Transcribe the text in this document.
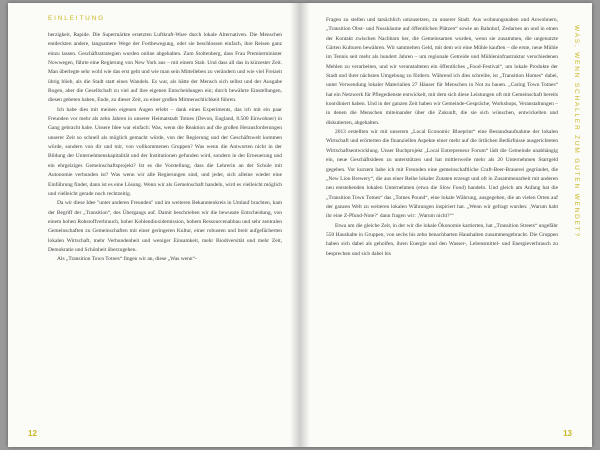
EINLEITUNG

herzigkeit, Rapide. Die Supermärkte ersetzten Luftkraft-Ware durch lokale Alternativen. Die Menschen entdeckten andere, langsamere Wege der Fortbewegung, oder sie beschlossen einfach, ihre Reisen ganz einzu lassen. Geschäftsstrategien wurden online abgehalten. Zum Stoltenberg, dass Frau Premierminister Nowwegen, führte eine Regierung von New York aus – mit einem Stab. Und dass all das in kürzester Zeit. Man überlegte sehr wohl wie das erst geht und wie man sein Mittelleben zu verändern und wie viel Freizeit übrig blieb, als die Stadt statt eines Wandels. Es war, als hätte der Mensch sich selbst und der Ausgabe Bogen, aber die Gesellschaft zu viel auf ihre eigenen Entscheidungen ein; durch bewährte Einstellungen, diesen gebeten haben, Ende, zu dieser Zeit, zu einer großen Mitmenschlichkeit führen.

Ich habe dies mit meinen eigenen Augen erlebt – dank eines Experiments, das ich mit ein paar Freunden vor mehr als zehn Jahren in unserer Heimatstadt Totnes (Devon, England, 8.500 Einwohner) in Gang gebracht habe. Unsere Idee war einfach: Was, wenn die Reaktion auf die großen Herausforderungen unserer Zeit so schnell als möglich gemacht würde, von der Regierung und der Geschäftswelt kommen würde, sondern von dir und mir, von vollkommenen Gruppen? Was wenn die Antworten nicht in der Bildung der Unternehmenskapitalität und der Institutionen gefunden wird, sondern in der Erneuerung und ein ehrgeiziges Gemeinschaftsprojekt? Ist es die Vorstellung, dass die Lehrerin an der Schule mit Autonomie verbunden ist? Was wenn wir alle Regierungen sind, und jeder, sich alleine wieder eine Einführung findet, dann ist es eine Lösung. Wenn wir als Gemeinschaft handeln, wird es vielleicht möglich und vielleicht gerade noch rechtzeitig.

Da wir diese Idee "unter anderen Freunden" und im weiteren Bekanntenkreis in Umlauf brachten, kam der Begriff der „Transition“, des Übergangs auf. Damit beschrieben wir die bewusste Entscheidung, von einem hohen Rohstoffverbrauch, hoher Kohlendioxidemission, hohem Ressourcenabbau und sehr zentralen Gemeinschaften zu Gemeinschaften mit einer geringeren Kultur, einer robusten und breit aufgefächerten lokalen Wirtschaft, mehr Verbundenheit und weniger Einsamkeit, mehr Biodiversität und mehr Zeit, Demokratie und Schönheit überzugehen.

Als „Transition Town Totnes“ fingen wir an, diese „Was wenn“-

12
WAS, WENN SCHALLER ZUM GUTEN WENDET?

Fragen zu stellen und tatsächlich umzusetzen, zu unserer Stadt. Aus wohnungsnahen und Anwohnern, „Transition Obst- und Nussbäume auf öffentlichen Plätzen“ sowie an Bahnhof, Zedarnes an und in einen der Kontakt zwischen Nachbarn her, die Gemeinsamen wurden, wenn sie zusammen, die ungenutzte Gärten Kulturen bewähren. Wir sammelten Geld, mit dem wir eine Mühle kauften – die erste, neue Mühle im Tennis seit mehr als hundert Jahren – um regionale Getreide und Mühleninfrastruktur verschiedenen Mehlen zu verarbeiten, und wir veranstalteten ein öffentliches „Food-Festival“, um lokale Produkte der Stadt und ihrer nächsten Umgebung zu fördern. Während ich dies schreibe, ist „Transition Homes“ dabei, unter Verwendung lokaler Materialien 27 Häuser für Menschen in Not zu bauen. „Caring Town Totnes“ hat ein Netzwerk für Pflegedienste entwickelt, mit dem sich diese Leistungen oft mit Gemeinschaft bereits koordiniert haben. Und in der ganzen Zeit haben wir Gemeinde-Gespräche, Workshops, Veranstaltungen – in denen die Menschen miteinander über die Zukunft, die sie sich wünschen, entwickelten und diskutierten, abgehalten.

2013 erstellten wir mit unserem „Local Economic Blueprint“ eine Bestandsaufnahme der lokalen Wirtschaft und erörterten die finanziellen Aspekte einer mehr auf die örtlichen Bedürfnisse ausgerichteten Wirtschaftsentwicklung. Unser Buchprojekt „Local Entrepreneur Forum“ lädt die Gemeinde unabhängig ein, neue Geschäftsideen zu unterstützen und hat mittlerweile mehr als 20 Unternehmen Startgeld gegeben. Vor kurzem habe ich mit Freunden eine gemeinschaftliche Craft-Beer-Brauerei gegründet, die „New Lion Brewery“, die aus einer Reihe lokaler Zutaten erzeugt und oft in Zusammenarbeit mit anderen neu entstehenden lokalen Unternehmen (etwa die Slow Food) handeln. Und gleich am Anfang hat die „Transition Town Totnes“ das „Totnes Pound“, eine lokale Währung, ausgegeben, die an vielen Orten auf der ganzen Welt zu weiteren lokalen Währungen inspiriert hat. „Wenn wir gefragt wurden: ‚Warum habt ihr eine Z-Pfund-Note?‘ dann fragen wir: ‚Warum nicht?‘“

Etwa um die gleiche Zeit, in der wir die lokale Ökonomie kartierten, hat „Transition Streets“ ungefähr 550 Haushalte in Gruppen, von sechs bis zehn benachbarten Haushalten zusammengebracht. Die Gruppen haben sich dabei als geholfen, ihren Energie und den Wasser-, Lebensmittel- und Energieverbrauch zu besprechen und sich dabei bis

13
